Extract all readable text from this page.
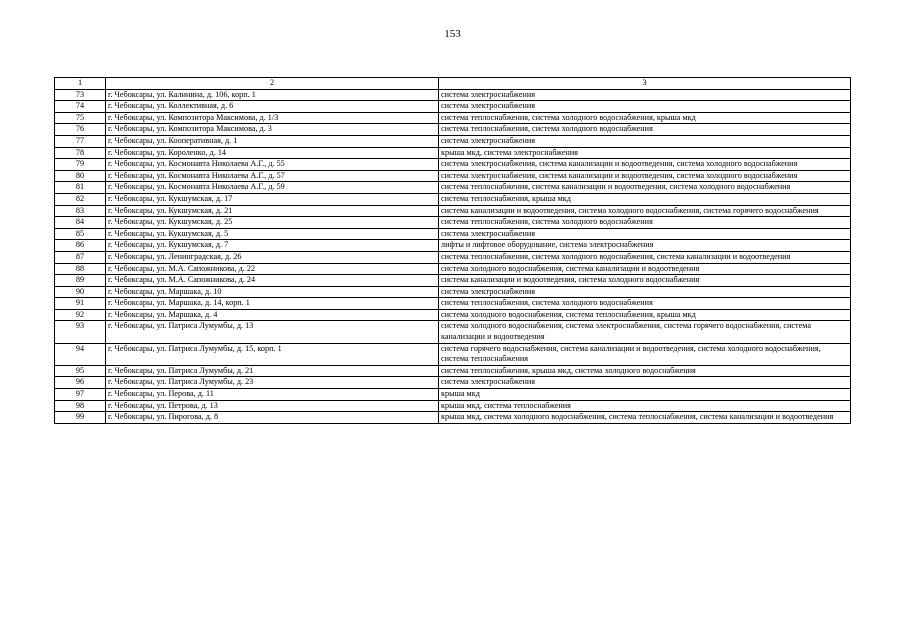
153
1	2	3
73	г. Чебоксары, ул. Калинина, д. 106, корп. 1	система электроснабжения
74	г. Чебоксары, ул. Коллективная, д. 6	система электроснабжения
75	г. Чебоксары, ул. Композитора Максимова, д. 1/3	система теплоснабжения, система холодного водоснабжения, крыша мкд
76	г. Чебоксары, ул. Композитора Максимова, д. 3	система теплоснабжения, система холодного водоснабжения
77	г. Чебоксары, ул. Кооперативная, д. 1	система электроснабжения
78	г. Чебоксары, ул. Короленко, д. 14	крыша мкд, система электроснабжения
79	г. Чебоксары, ул. Космонавта Николаева А.Г., д. 55	система электроснабжения, система канализации и водоотведения, система холодного водоснабжения
80	г. Чебоксары, ул. Космонавта Николаева А.Г., д. 57	система электроснабжения, система канализации и водоотведения, система холодного водоснабжения
81	г. Чебоксары, ул. Космонавта Николаева А.Г., д. 59	система теплоснабжения, система канализации и водоотведения, система холодного водоснабжения
82	г. Чебоксары, ул. Кукшумская, д. 17	система теплоснабжения, крыша мкд
83	г. Чебоксары, ул. Кукшумская, д. 21	система канализации и водоотведения, система холодного водоснабжения, система горячего водоснабжения
84	г. Чебоксары, ул. Кукшумская, д. 25	система теплоснабжения, система холодного водоснабжения
85	г. Чебоксары, ул. Кукшумская, д. 5	система электроснабжения
86	г. Чебоксары, ул. Кукшумская, д. 7	лифты и лифтовое оборудование, система электроснабжения
87	г. Чебоксары, ул. Ленинградская, д. 26	система теплоснабжения, система холодного водоснабжения, система канализации и водоотведения
88	г. Чебоксары, ул. М.А. Сапожникова, д. 22	система холодного водоснабжения, система канализации и водоотведения
89	г. Чебоксары, ул. М.А. Сапожникова, д. 24	система канализации и водоотведения, система холодного водоснабжения
90	г. Чебоксары, ул. Маршака, д. 10	система электроснабжения
91	г. Чебоксары, ул. Маршака, д. 14, корп. 1	система теплоснабжения, система холодного водоснабжения
92	г. Чебоксары, ул. Маршака, д. 4	система холодного водоснабжения, система теплоснабжения, крыша мкд
93	г. Чебоксары, ул. Патриса Лумумбы, д. 13	система холодного водоснабжения, система электроснабжения, система горячего водоснабжения, система канализации и водоотведения
94	г. Чебоксары, ул. Патриса Лумумбы, д. 15, корп. 1	система горячего водоснабжения, система канализации и водоотведения, система холодного водоснабжения, система теплоснабжения
95	г. Чебоксары, ул. Патриса Лумумбы, д. 21	система теплоснабжения, крыша мкд, система холодного водоснабжения
96	г. Чебоксары, ул. Патриса Лумумбы, д. 23	система электроснабжения
97	г. Чебоксары, ул. Перова, д. 11	крыша мкд
98	г. Чебоксары, ул. Петрова, д. 13	крыша мкд, система теплоснабжения
99	г. Чебоксары, ул. Пирогова, д. 8	крыша мкд, система холодного водоснабжения, система теплоснабжения, система канализации и водоотведения
